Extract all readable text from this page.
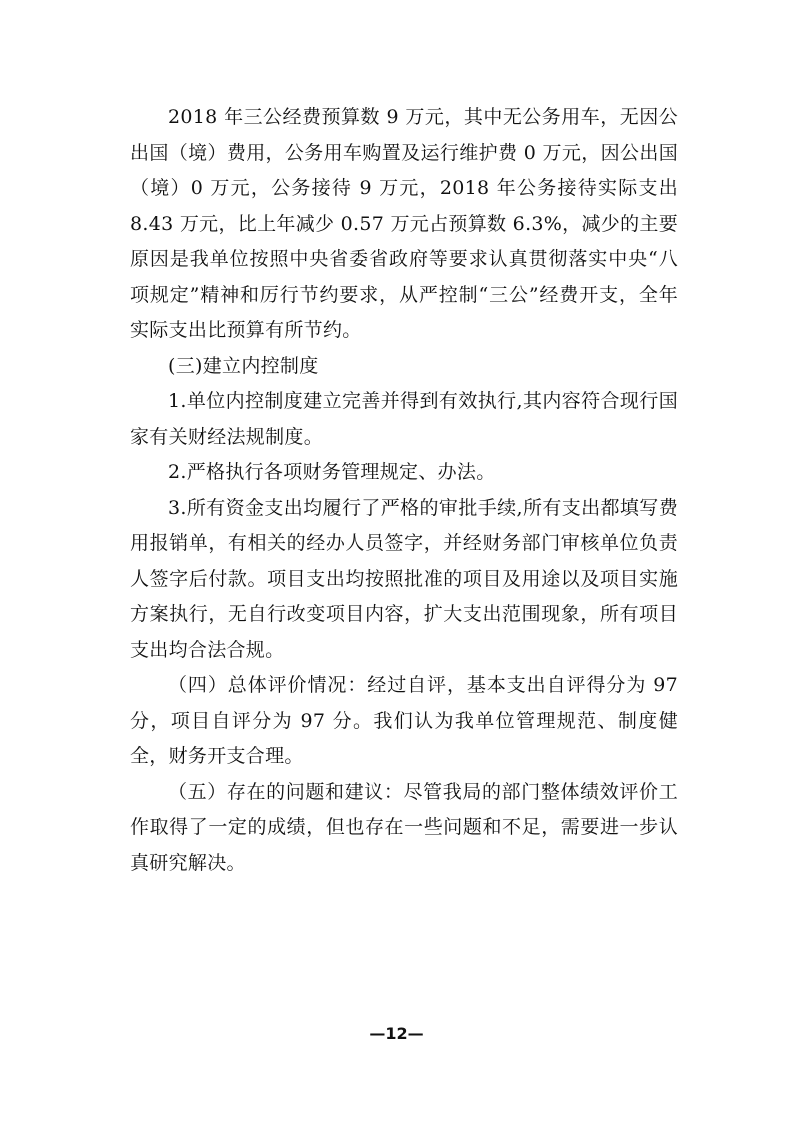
2018 年三公经费预算数 9 万元，其中无公务用车，无因公出国（境）费用，公务用车购置及运行维护费 0 万元，因公出国（境）0 万元，公务接待 9 万元，2018 年公务接待实际支出 8.43 万元，比上年减少 0.57 万元占预算数 6.3%，减少的主要原因是我单位按照中央省委省政府等要求认真贯彻落实中央“八项规定”精神和厉行节约要求，从严控制“三公”经费开支，全年实际支出比预算有所节约。

(三)建立内控制度

1.单位内控制度建立完善并得到有效执行,其内容符合现行国家有关财经法规制度。

2.严格执行各项财务管理规定、办法。

3.所有资金支出均履行了严格的审批手续,所有支出都填写费用报销单，有相关的经办人员签字，并经财务部门审核单位负责人签字后付款。项目支出均按照批准的项目及用途以及项目实施方案执行，无自行改变项目内容，扩大支出范围现象，所有项目支出均合法合规。

（四）总体评价情况：经过自评，基本支出自评得分为 97 分，项目自评分为 97 分。我们认为我单位管理规范、制度健全，财务开支合理。

（五）存在的问题和建议：尽管我局的部门整体绩效评价工作取得了一定的成绩，但也存在一些问题和不足，需要进一步认真研究解决。

—12—
